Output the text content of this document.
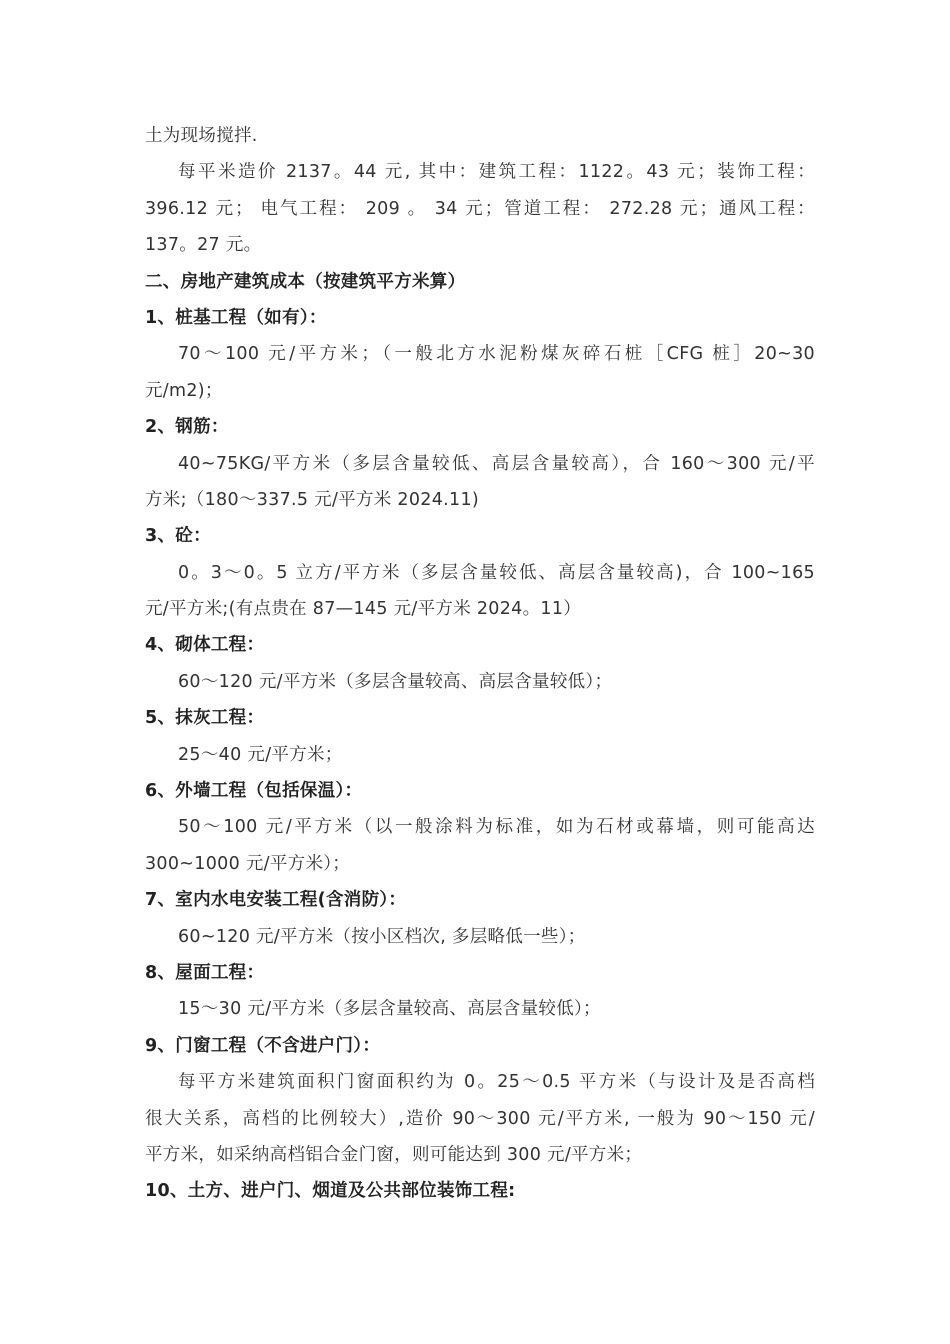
土为现场搅拌.
每平米造价 2137。44 元, 其中：建筑工程：1122。43 元；装饰工程：
396.12 元； 电气工程： 209 。 34 元；管道工程： 272.28 元；通风工程：
137。27 元。
二、房地产建筑成本（按建筑平方米算）
1、桩基工程（如有）：
70～100 元/平方米；（一般北方水泥粉煤灰碎石桩［CFG 桩］20~30
元/m2)；
2、钢筋：
40~75KG/平方米（多层含量较低、高层含量较高），合 160～300 元/平
方米;（180～337.5 元/平方米 2024.11)
3、砼：
0。3～0。5 立方/平方米（多层含量较低、高层含量较高)，合 100~165
元/平方米;(有点贵在 87—145 元/平方米 2024。11）
4、砌体工程：
60～120 元/平方米（多层含量较高、高层含量较低）；
5、抹灰工程：
25～40 元/平方米；
6、外墙工程（包括保温）：
50～100 元/平方米（以一般涂料为标准，如为石材或幕墙，则可能高达
300~1000 元/平方米）；
7、室内水电安装工程(含消防）：
60~120 元/平方米（按小区档次, 多层略低一些）；
8、屋面工程：
15～30 元/平方米（多层含量较高、高层含量较低）；
9、门窗工程（不含进户门）：
每平方米建筑面积门窗面积约为 0。25～0.5 平方米（与设计及是否高档
很大关系，高档的比例较大）,造价 90～300 元/平方米, 一般为 90～150 元/
平方米，如采纳高档铝合金门窗，则可能达到 300 元/平方米；
10、土方、进户门、烟道及公共部位装饰工程:
